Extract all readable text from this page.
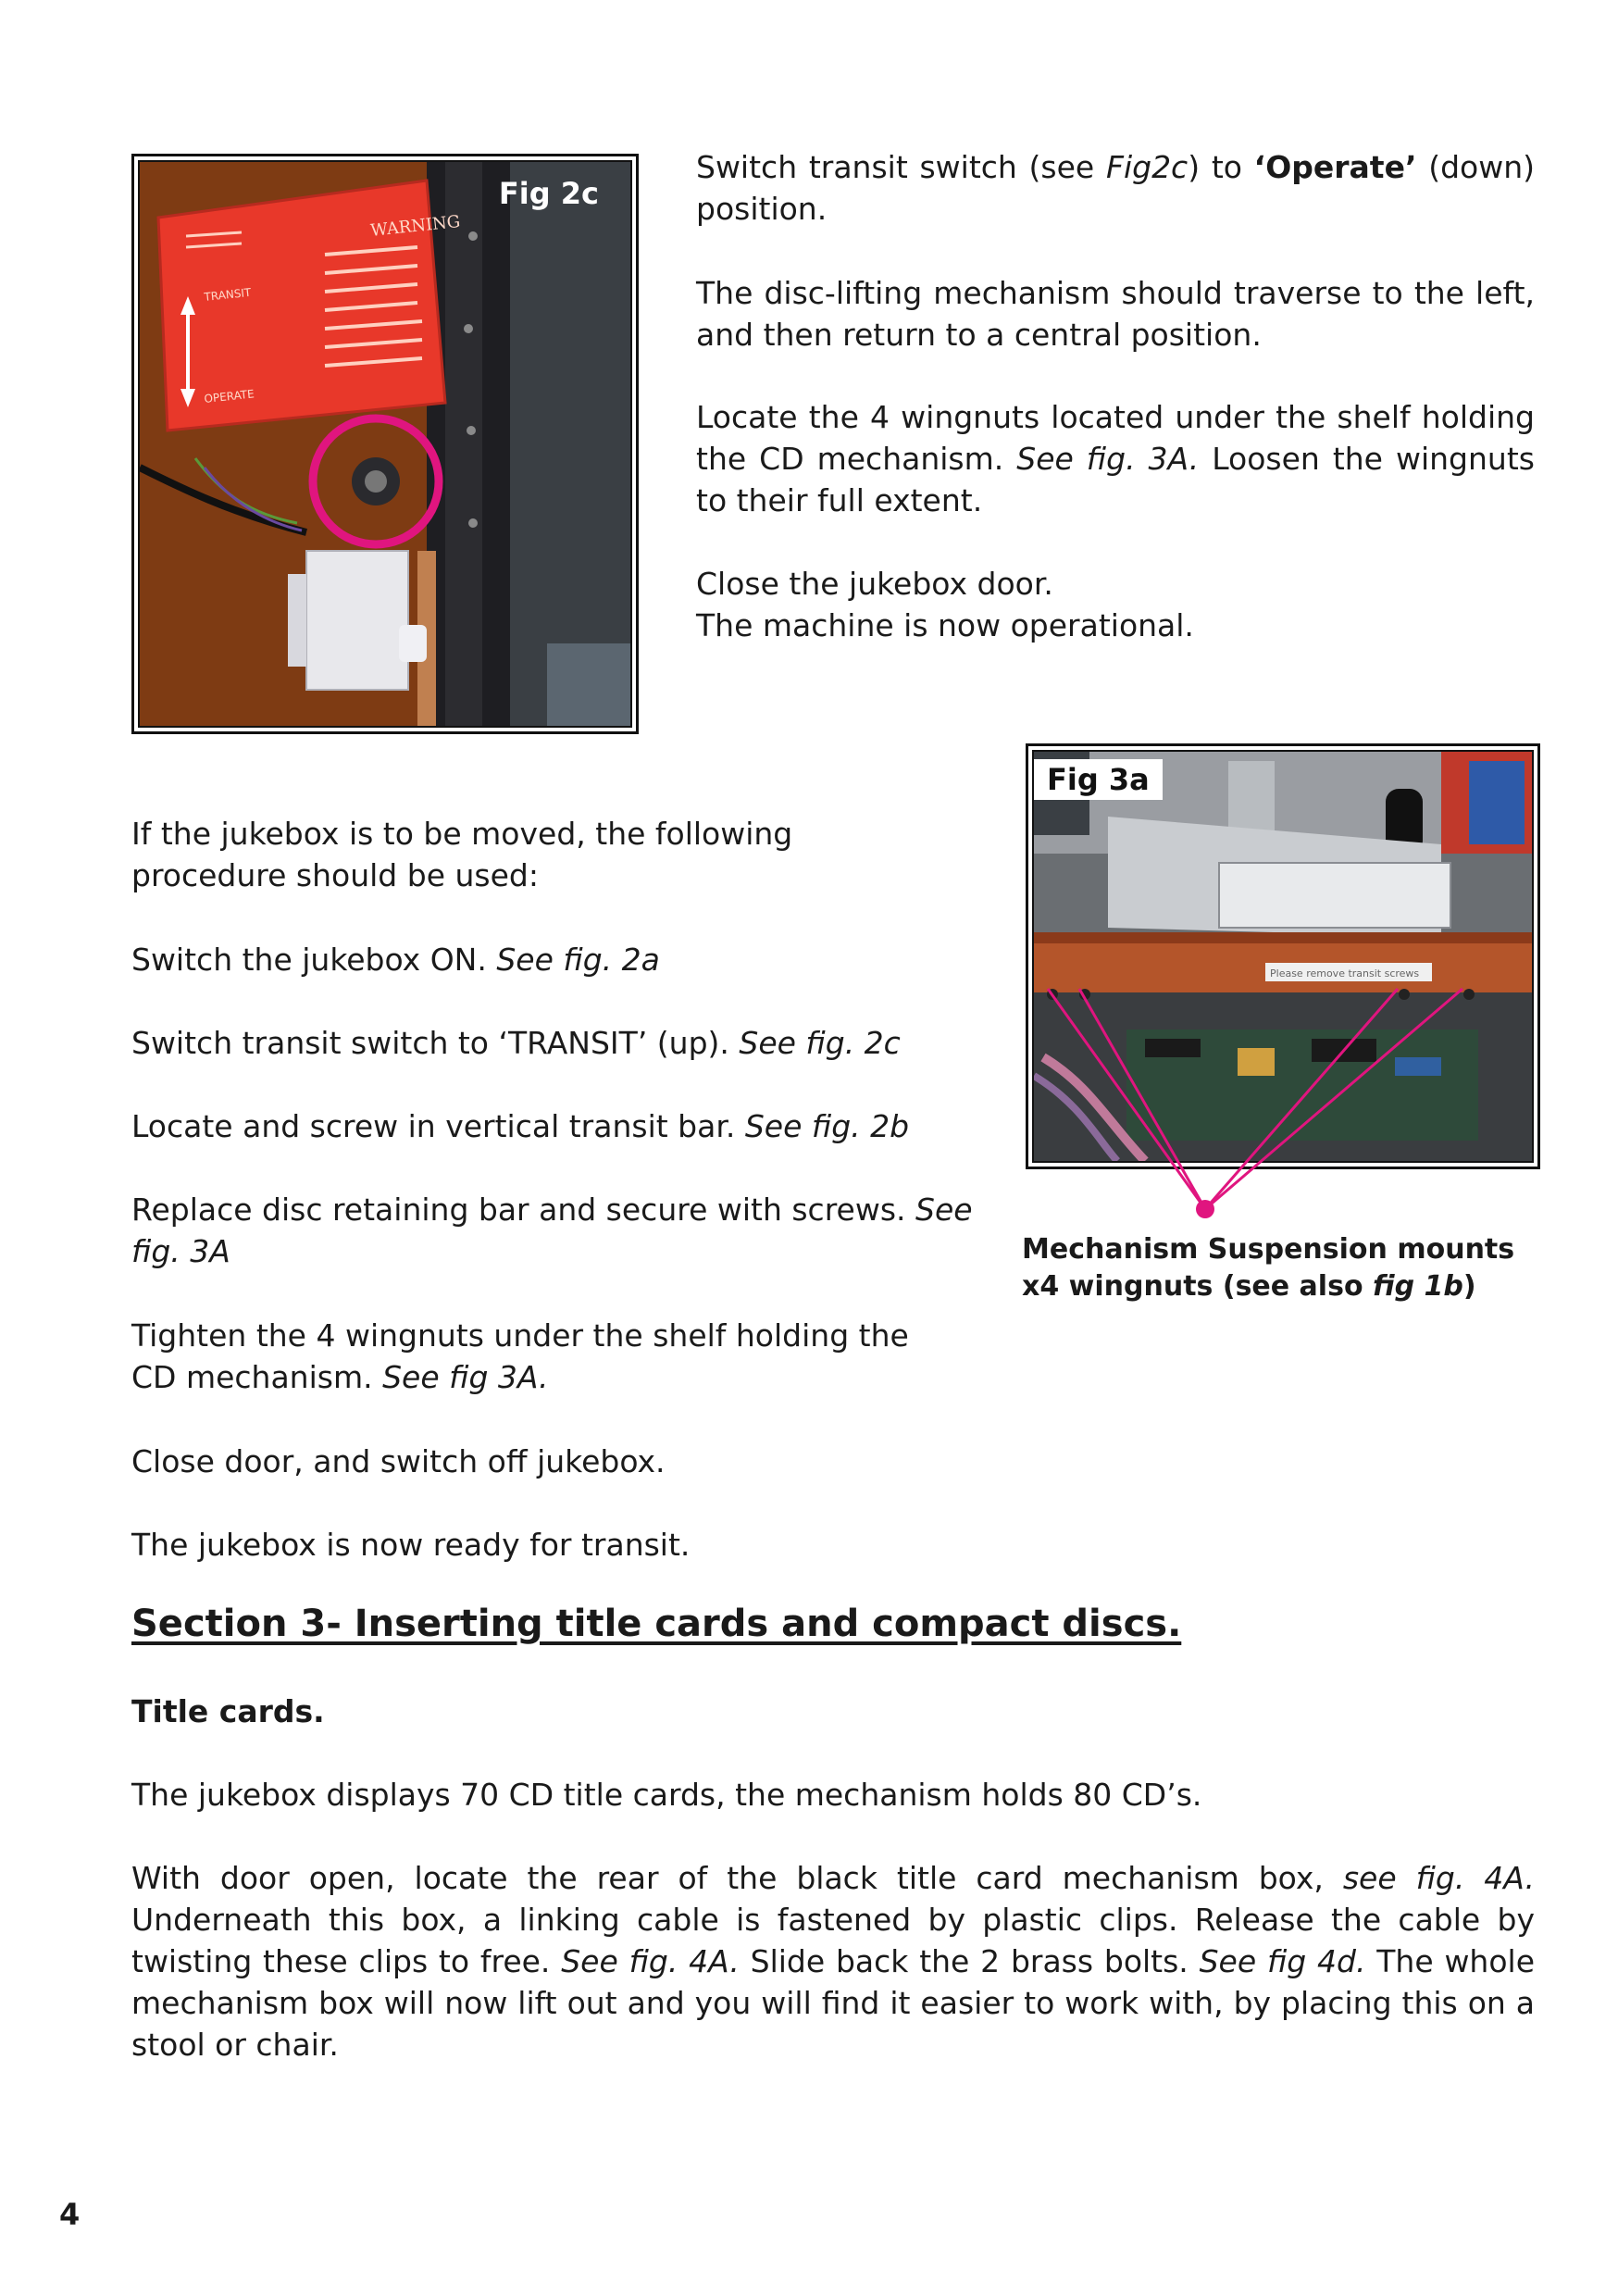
WARNING
TRANSIT
OPERATE
Fig 2c

Switch transit switch (see Fig2c) to ‘Operate’ (down) position.

The disc-lifting mechanism should traverse to the left, and then return to a central position.

Locate the 4 wingnuts located under the shelf holding the CD mechanism. See fig. 3A. Loosen the wingnuts to their full extent.

Close the jukebox door.
The machine is now operational.

Please remove transit screws
Fig 3a

Mechanism Suspension mounts x4 wingnuts (see also fig 1b)

If the jukebox is to be moved, the following procedure should be used:

Switch the jukebox ON. See fig. 2a

Switch transit switch to ‘TRANSIT’ (up). See fig. 2c

Locate and screw in vertical transit bar. See fig. 2b

Replace disc retaining bar and secure with screws. See fig. 3A

Tighten the 4 wingnuts under the shelf holding the CD mechanism. See fig 3A.

Close door, and switch off jukebox.

The jukebox is now ready for transit.

Section 3- Inserting title cards and compact discs.
Title cards.

The jukebox displays 70 CD title cards, the mechanism holds 80 CD’s.

With door open, locate the rear of the black title card mechanism box, see fig. 4A. Underneath this box, a linking cable is fastened by plastic clips. Release the cable by twisting these clips to free. See fig. 4A. Slide back the 2 brass bolts. See fig 4d. The whole mechanism box will now lift out and you will find it easier to work with, by placing this on a stool or chair.

4
